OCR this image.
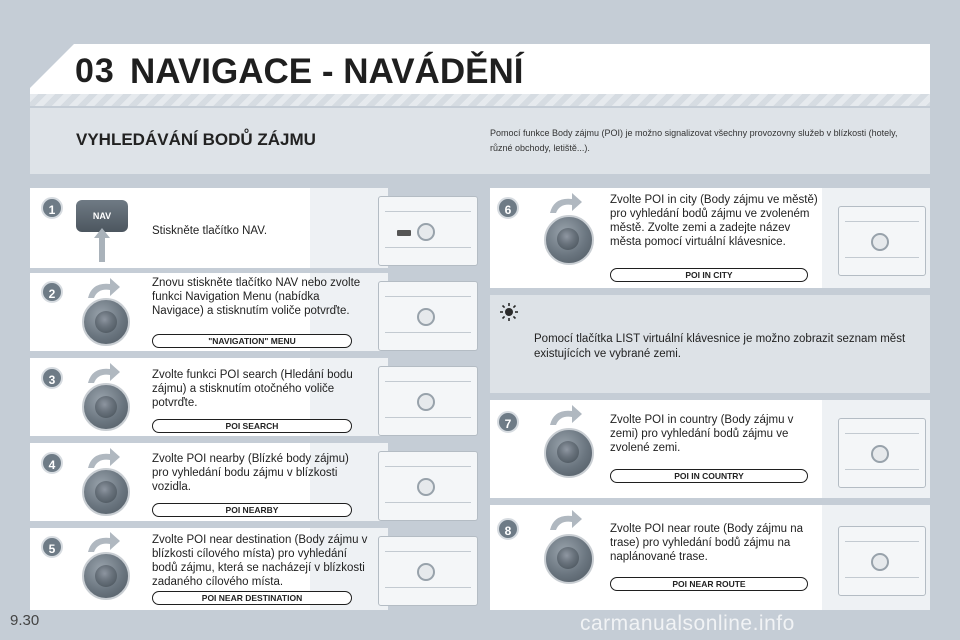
03 NAVIGACE - NAVÁDĚNÍ
VYHLEDÁVÁNÍ BODŮ ZÁJMU	Pomocí funkce Body zájmu (POI) je možno signalizovat všechny provozovny služeb v blízkosti (hotely, různé obchody, letiště...).
1	NAV
Stiskněte tlačítko NAV.
2
Znovu stiskněte tlačítko NAV nebo zvolte funkci Navigation Menu (nabídka Navigace) a stisknutím voliče potvrďte.
"NAVIGATION" MENU
3	Zvolte funkci POI search (Hledání bodu zájmu) a stisknutím otočného voliče potvrďte.
POI SEARCH
4	Zvolte POI nearby (Blízké body zájmu) pro vyhledání bodu zájmu v blízkosti vozidla.
POI NEARBY
5
Zvolte POI near destination (Body zájmu v blízkosti cílového místa) pro vyhledání bodů zájmu, která se nacházejí v blízkosti zadaného cílového místa.
POI NEAR DESTINATION
6
Zvolte POI in city (Body zájmu ve městě) pro vyhledání bodů zájmu ve zvoleném městě. Zvolte zemi a zadejte název města pomocí virtuální klávesnice.
POI IN CITY
Pomocí tlačítka LIST virtuální klávesnice je možno zobrazit seznam měst existujících ve vybrané zemi.
7	Zvolte POI in country (Body zájmu v zemi) pro vyhledání bodů zájmu ve zvolené zemi.
POI IN COUNTRY
8	Zvolte POI near route (Body zájmu na trase) pro vyhledání bodů zájmu na naplánované trase.
POI NEAR ROUTE
9.30	carmanualsonline.info
